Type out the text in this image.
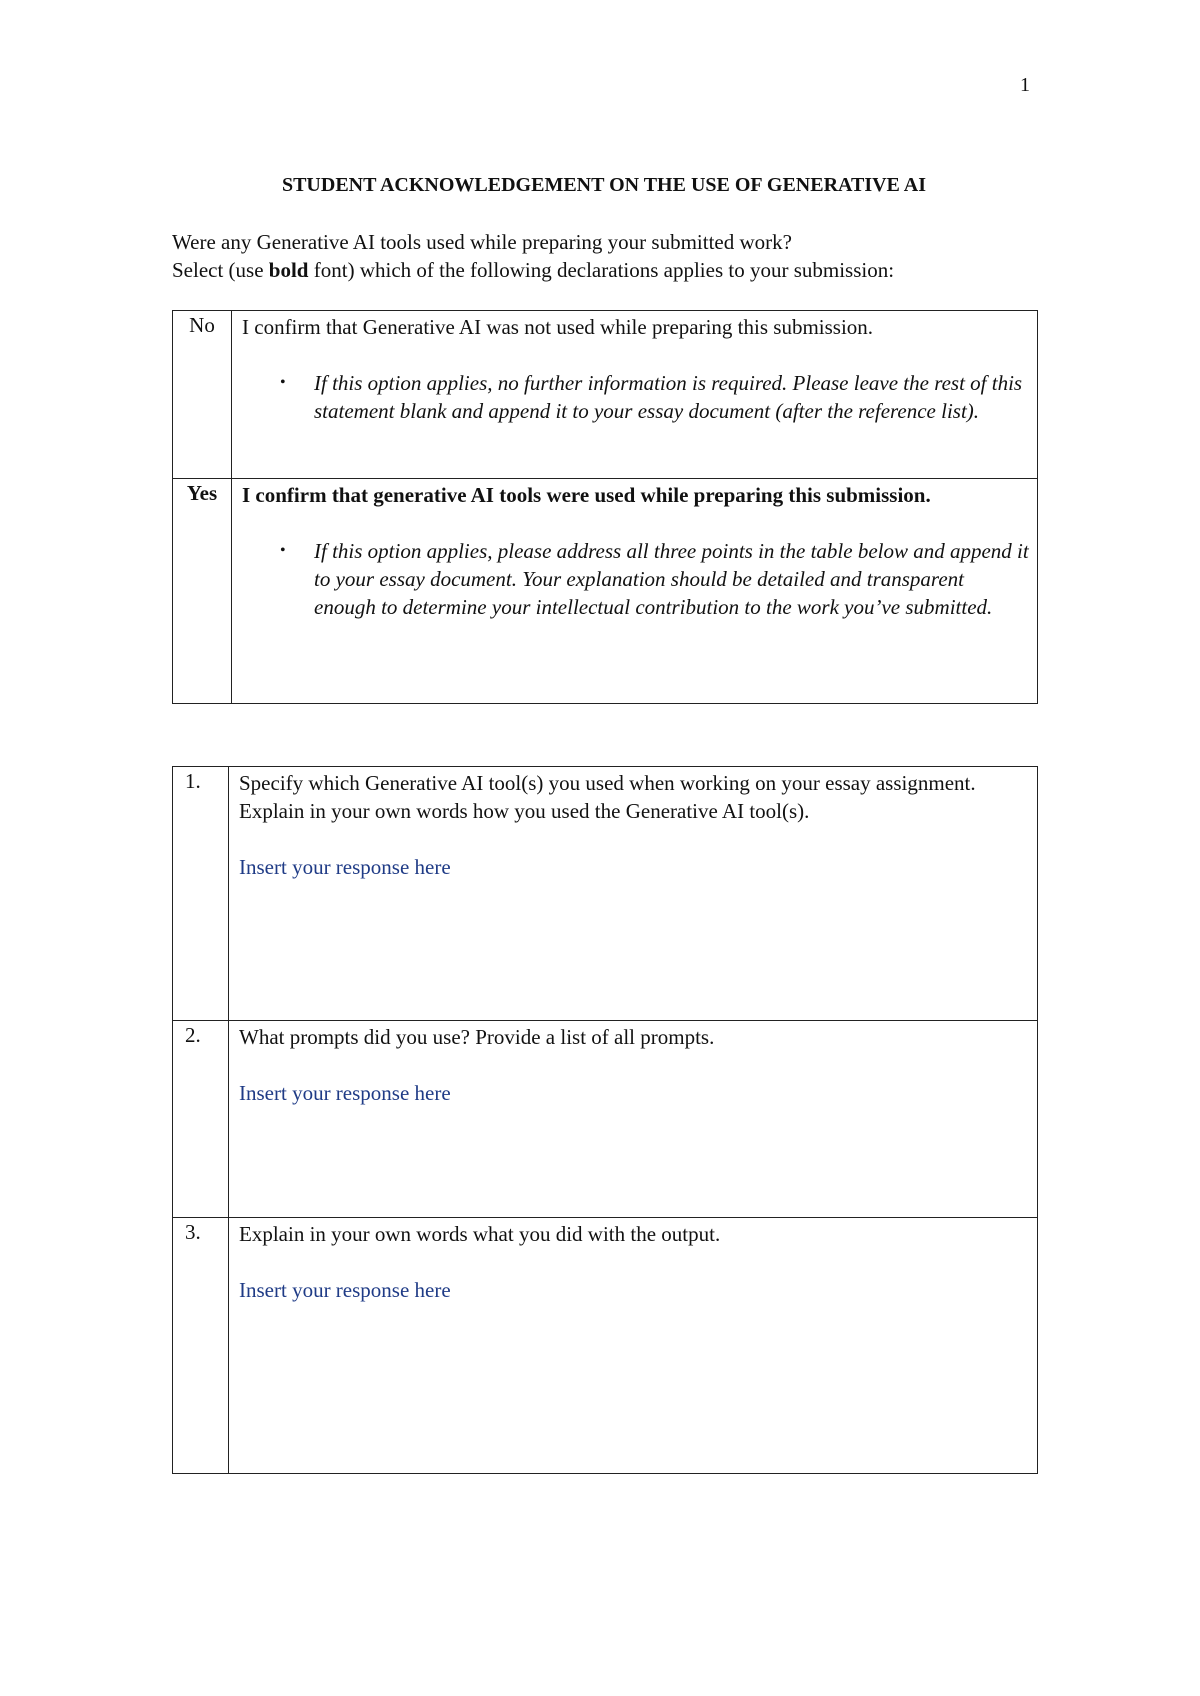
1
STUDENT ACKNOWLEDGEMENT ON THE USE OF GENERATIVE AI

Were any Generative AI tools used while preparing your submitted work?

Select (use bold font) which of the following declarations applies to your submission:

No	I confirm that Generative AI was not used while preparing this submission.

• If this option applies, no further information is required. Please leave the rest of this statement blank and append it to your essay document (after the reference list).

Yes	I confirm that generative AI tools were used while preparing this submission.

• If this option applies, please address all three points in the table below and append it to your essay document. Your explanation should be detailed and transparent enough to determine your intellectual contribution to the work you’ve submitted.
1.	Specify which Generative AI tool(s) you used when working on your essay assignment. Explain in your own words how you used the Generative AI tool(s).

Insert your response here

2.	What prompts did you use? Provide a list of all prompts.

Insert your response here

3.	Explain in your own words what you did with the output.

Insert your response here
